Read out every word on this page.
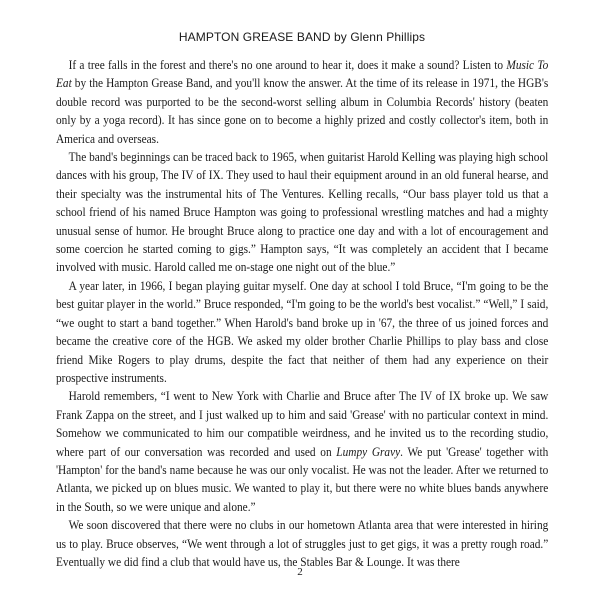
HAMPTON GREASE BAND by Glenn Phillips

If a tree falls in the forest and there's no one around to hear it, does it make a sound? Listen to Music To Eat by the Hampton Grease Band, and you'll know the answer. At the time of its release in 1971, the HGB's double record was purported to be the second-worst selling album in Columbia Records' history (beaten only by a yoga record). It has since gone on to become a highly prized and costly collector's item, both in America and overseas.

The band's beginnings can be traced back to 1965, when guitarist Harold Kelling was playing high school dances with his group, The IV of IX. They used to haul their equipment around in an old funeral hearse, and their specialty was the instrumental hits of The Ventures. Kelling recalls, “Our bass player told us that a school friend of his named Bruce Hampton was going to professional wrestling matches and had a mighty unusual sense of humor. He brought Bruce along to practice one day and with a lot of encouragement and some coercion he started coming to gigs.” Hampton says, “It was completely an accident that I became involved with music. Harold called me on-stage one night out of the blue.”

A year later, in 1966, I began playing guitar myself. One day at school I told Bruce, “I'm going to be the best guitar player in the world.” Bruce responded, “I'm going to be the world's best vocalist.” “Well,” I said, “we ought to start a band together.” When Harold's band broke up in '67, the three of us joined forces and became the creative core of the HGB. We asked my older brother Charlie Phillips to play bass and close friend Mike Rogers to play drums, despite the fact that neither of them had any experience on their prospective instruments.

Harold remembers, “I went to New York with Charlie and Bruce after The IV of IX broke up. We saw Frank Zappa on the street, and I just walked up to him and said 'Grease' with no particular context in mind. Somehow we communicated to him our compatible weirdness, and he invited us to the recording studio, where part of our conversation was recorded and used on Lumpy Gravy. We put 'Grease' together with 'Hampton' for the band's name because he was our only vocalist. He was not the leader. After we returned to Atlanta, we picked up on blues music. We wanted to play it, but there were no white blues bands anywhere in the South, so we were unique and alone.”

We soon discovered that there were no clubs in our hometown Atlanta area that were interested in hiring us to play. Bruce observes, “We went through a lot of struggles just to get gigs, it was a pretty rough road.” Eventually we did find a club that would have us, the Stables Bar & Lounge. It was there

2
